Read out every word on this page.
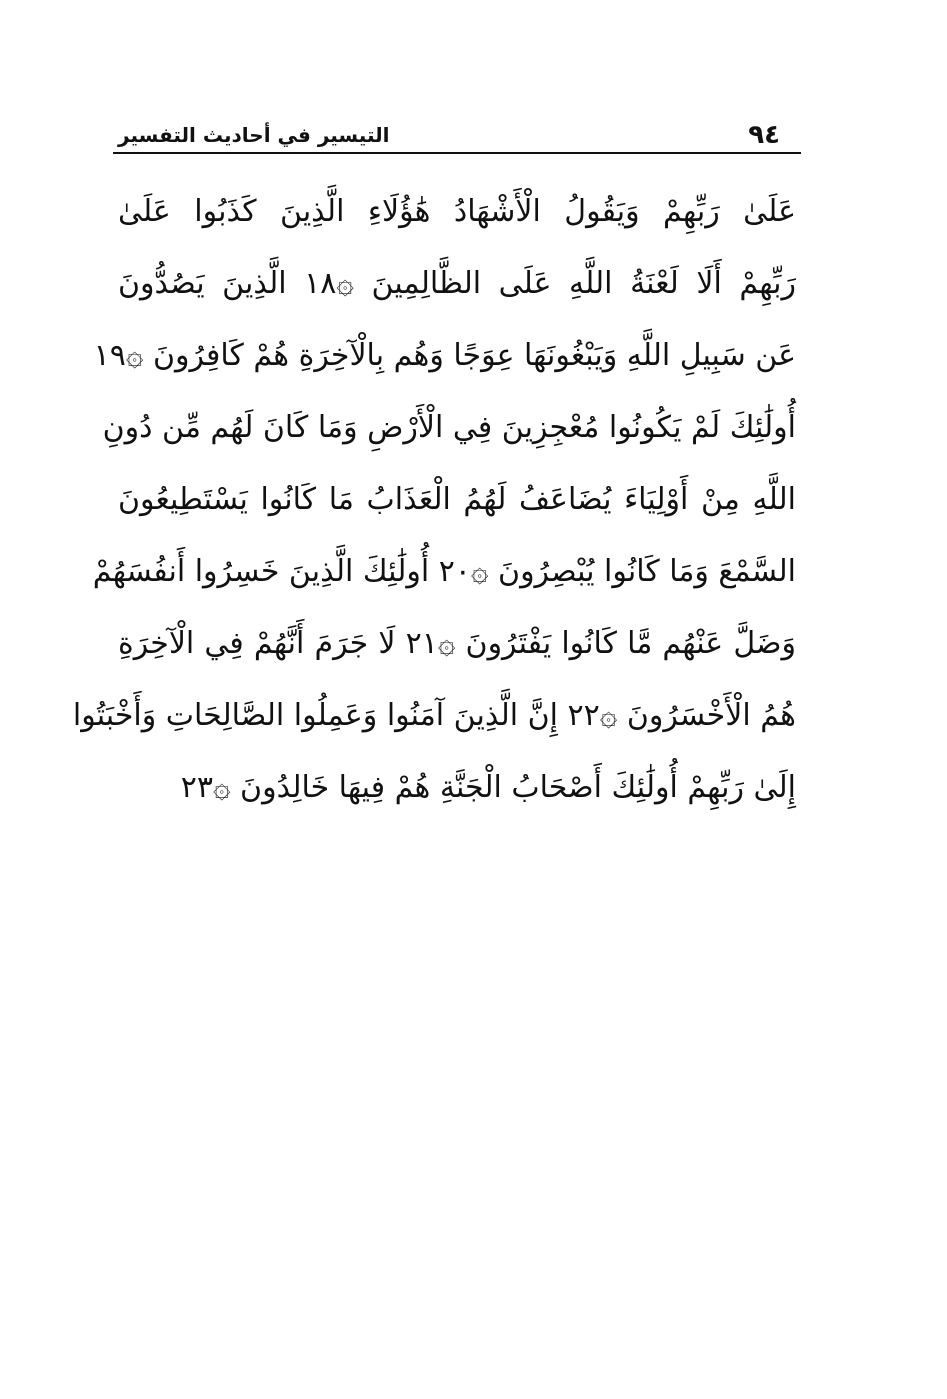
٩٤
التيسير في أحاديث التفسير
عَلَىٰ رَبِّهِمْ وَيَقُولُ الْأَشْهَادُ هَٰؤُلَاءِ الَّذِينَ كَذَبُوا عَلَىٰ
رَبِّهِمْ أَلَا لَعْنَةُ اللَّهِ عَلَى الظَّالِمِينَ ۞١٨ الَّذِينَ يَصُدُّونَ
عَن سَبِيلِ اللَّهِ وَيَبْغُونَهَا عِوَجًا وَهُم بِالْآخِرَةِ هُمْ كَافِرُونَ ۞١٩
أُولَٰئِكَ لَمْ يَكُونُوا مُعْجِزِينَ فِي الْأَرْضِ وَمَا كَانَ لَهُم مِّن دُونِ
اللَّهِ مِنْ أَوْلِيَاءَ يُضَاعَفُ لَهُمُ الْعَذَابُ مَا كَانُوا يَسْتَطِيعُونَ
السَّمْعَ وَمَا كَانُوا يُبْصِرُونَ ۞٢٠ أُولَٰئِكَ الَّذِينَ خَسِرُوا أَنفُسَهُمْ
وَضَلَّ عَنْهُم مَّا كَانُوا يَفْتَرُونَ ۞٢١ لَا جَرَمَ أَنَّهُمْ فِي الْآخِرَةِ
هُمُ الْأَخْسَرُونَ ۞٢٢ إِنَّ الَّذِينَ آمَنُوا وَعَمِلُوا الصَّالِحَاتِ وَأَخْبَتُوا
إِلَىٰ رَبِّهِمْ أُولَٰئِكَ أَصْحَابُ الْجَنَّةِ هُمْ فِيهَا خَالِدُونَ ۞٢٣
